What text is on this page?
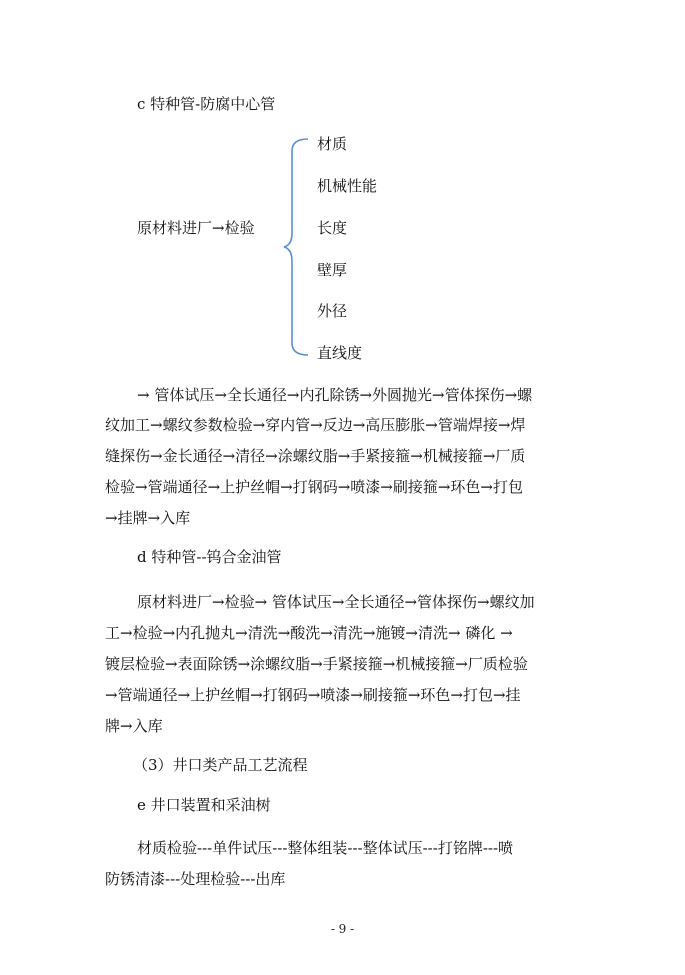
c 特种管-防腐中心管
原材料进厂→检验
材质
机械性能
长度
壁厚
外径
直线度
→ 管体试压→全长通径→内孔除锈→外圆抛光→管体探伤→螺
纹加工→螺纹参数检验→穿内管→反边→高压膨胀→管端焊接→焊
缝探伤→金长通径→清径→涂螺纹脂→手紧接箍→机械接箍→厂质
检验→管端通径→上护丝帽→打钢码→喷漆→刷接箍→环色→打包
→挂牌→入库
d 特种管--钨合金油管
原材料进厂→检验→ 管体试压→全长通径→管体探伤→螺纹加
工→检验→内孔抛丸→清洗→酸洗→清洗→施镀→清洗→ 磷化 →
镀层检验→表面除锈→涂螺纹脂→手紧接箍→机械接箍→厂质检验
→管端通径→上护丝帽→打钢码→喷漆→刷接箍→环色→打包→挂
牌→入库
（3）井口类产品工艺流程
e 井口装置和采油树
材质检验---单件试压---整体组装---整体试压---打铭牌---喷
防锈清漆---处理检验---出库
- 9 -
